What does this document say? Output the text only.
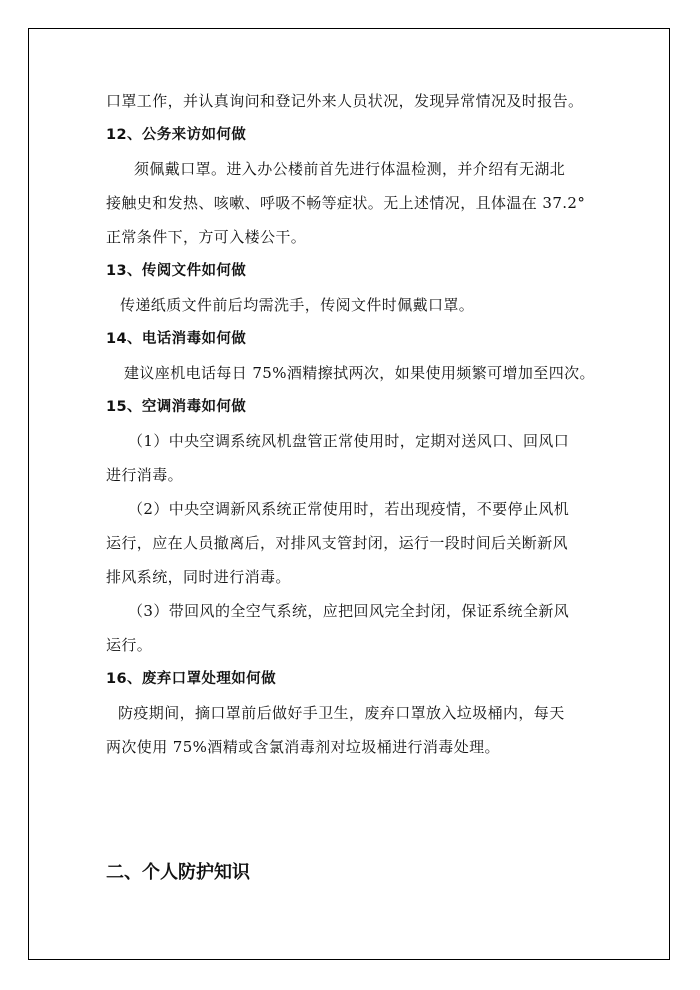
口罩工作，并认真询问和登记外来人员状况，发现异常情况及时报告。
12、公务来访如何做
须佩戴口罩。进入办公楼前首先进行体温检测，并介绍有无湖北
接触史和发热、咳嗽、呼吸不畅等症状。无上述情况，且体温在 37.2°
正常条件下，方可入楼公干。
13、传阅文件如何做
传递纸质文件前后均需洗手，传阅文件时佩戴口罩。
14、电话消毒如何做
建议座机电话每日 75%酒精擦拭两次，如果使用频繁可增加至四次。
15、空调消毒如何做
（1）中央空调系统风机盘管正常使用时，定期对送风口、回风口
进行消毒。
（2）中央空调新风系统正常使用时，若出现疫情，不要停止风机
运行，应在人员撤离后，对排风支管封闭，运行一段时间后关断新风
排风系统，同时进行消毒。
（3）带回风的全空气系统，应把回风完全封闭，保证系统全新风
运行。
16、废弃口罩处理如何做
防疫期间，摘口罩前后做好手卫生，废弃口罩放入垃圾桶内，每天
两次使用 75%酒精或含氯消毒剂对垃圾桶进行消毒处理。
二、个人防护知识
